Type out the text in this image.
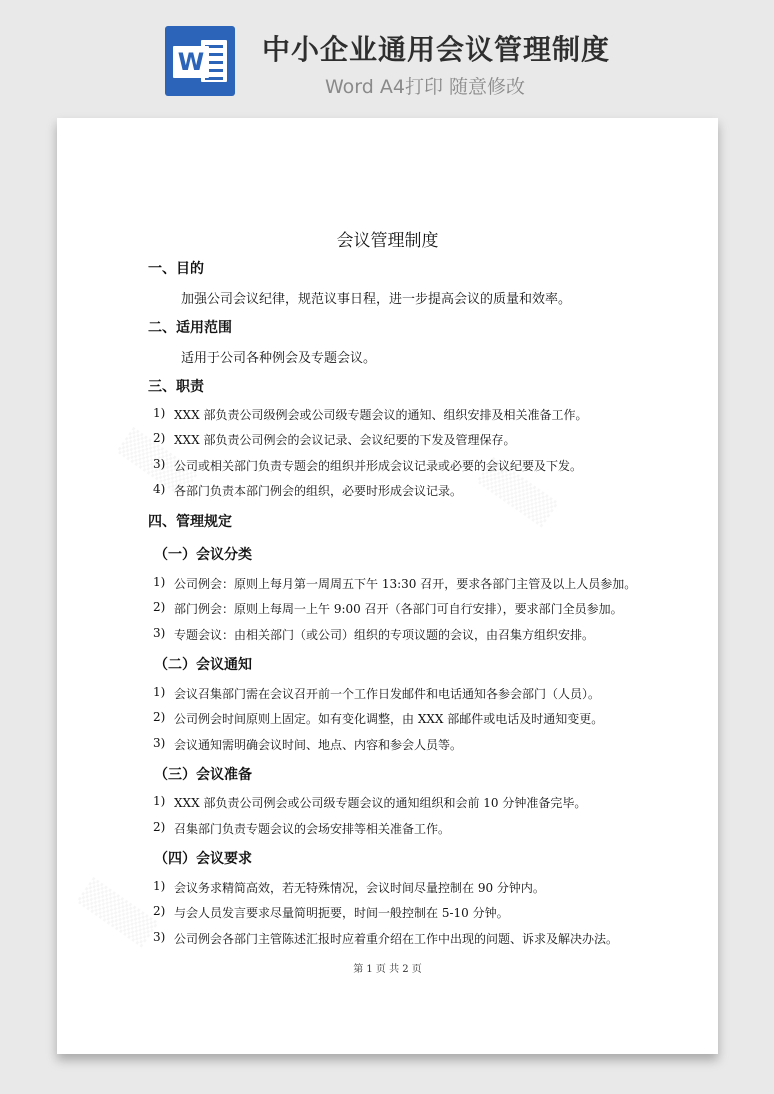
W 中小企业通用会议管理制度
Word A4打印 随意修改
会议管理制度
一、目的
加强公司会议纪律，规范议事日程，进一步提高会议的质量和效率。
二、适用范围
适用于公司各种例会及专题会议。
三、职责
1) XXX 部负责公司级例会或公司级专题会议的通知、组织安排及相关准备工作。
2) XXX 部负责公司例会的会议记录、会议纪要的下发及管理保存。
3) 公司或相关部门负责专题会的组织并形成会议记录或必要的会议纪要及下发。
4) 各部门负责本部门例会的组织，必要时形成会议记录。
四、管理规定
（一）会议分类
1) 公司例会：原则上每月第一周周五下午 13:30 召开，要求各部门主管及以上人员参加。
2) 部门例会：原则上每周一上午 9:00 召开（各部门可自行安排），要求部门全员参加。
3) 专题会议：由相关部门（或公司）组织的专项议题的会议，由召集方组织安排。
（二）会议通知
1) 会议召集部门需在会议召开前一个工作日发邮件和电话通知各参会部门（人员）。
2) 公司例会时间原则上固定。如有变化调整，由 XXX 部邮件或电话及时通知变更。
3) 会议通知需明确会议时间、地点、内容和参会人员等。
（三）会议准备
1) XXX 部负责公司例会或公司级专题会议的通知组织和会前 10 分钟准备完毕。
2) 召集部门负责专题会议的会场安排等相关准备工作。
（四）会议要求
1) 会议务求精简高效，若无特殊情况，会议时间尽量控制在 90 分钟内。
2) 与会人员发言要求尽量简明扼要，时间一般控制在 5-10 分钟。
3) 公司例会各部门主管陈述汇报时应着重介绍在工作中出现的问题、诉求及解决办法。
第 1 页 共 2 页
